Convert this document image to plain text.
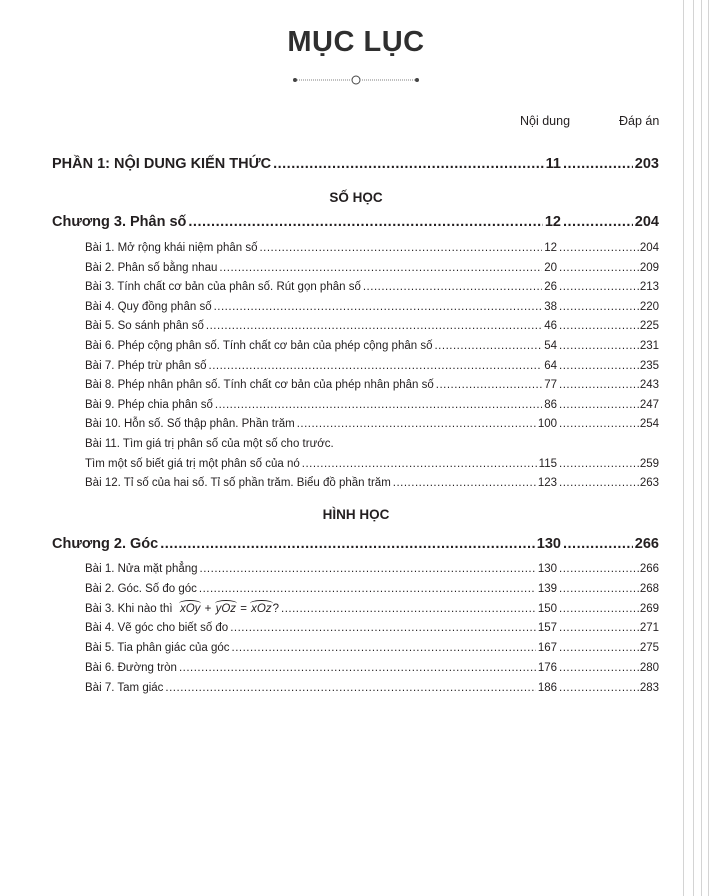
MỤC LỤC
Nội dung	Đáp án
PHẦN 1: NỘI DUNG KIẾN THỨC .....	11 .....	203
SỐ HỌC
Chương 3. Phân số .....	12 .....	204
Bài 1. Mở rộng khái niệm phân số .....	12 .....	204
Bài 2. Phân số bằng nhau .....	20 .....	209
Bài 3. Tính chất cơ bản của phân số. Rút gọn phân số .....	26 .....	213
Bài 4. Quy đồng phân số .....	38 .....	220
Bài 5. So sánh phân số .....	46 .....	225
Bài 6. Phép cộng phân số. Tính chất cơ bản của phép cộng phân số .....	54 .....	231
Bài 7. Phép trừ phân số .....	64 .....	235
Bài 8. Phép nhân phân số. Tính chất cơ bản của phép nhân phân số .....	77 .....	243
Bài 9. Phép chia phân số .....	86 .....	247
Bài 10. Hỗn số. Số thập phân. Phần trăm .....	100 .....	254
Bài 11. Tìm giá trị phân số của một số cho trước.
Tìm một số biết giá trị một phân số của nó .....	115 .....	259
Bài 12. Tỉ số của hai số. Tỉ số phần trăm. Biểu đồ phần trăm .....	123 .....	263
HÌNH HỌC
Chương 2. Góc .....	130 .....	266
Bài 1. Nửa mặt phẳng .....	130 .....	266
Bài 2. Góc. Số đo góc .....	139 .....	268
Bài 3. Khi nào thì xOy + yOz = xOz? .....	150 .....	269
Bài 4. Vẽ góc cho biết số đo .....	157 .....	271
Bài 5. Tia phân giác của góc .....	167 .....	275
Bài 6. Đường tròn .....	176 .....	280
Bài 7. Tam giác .....	186 .....	283
